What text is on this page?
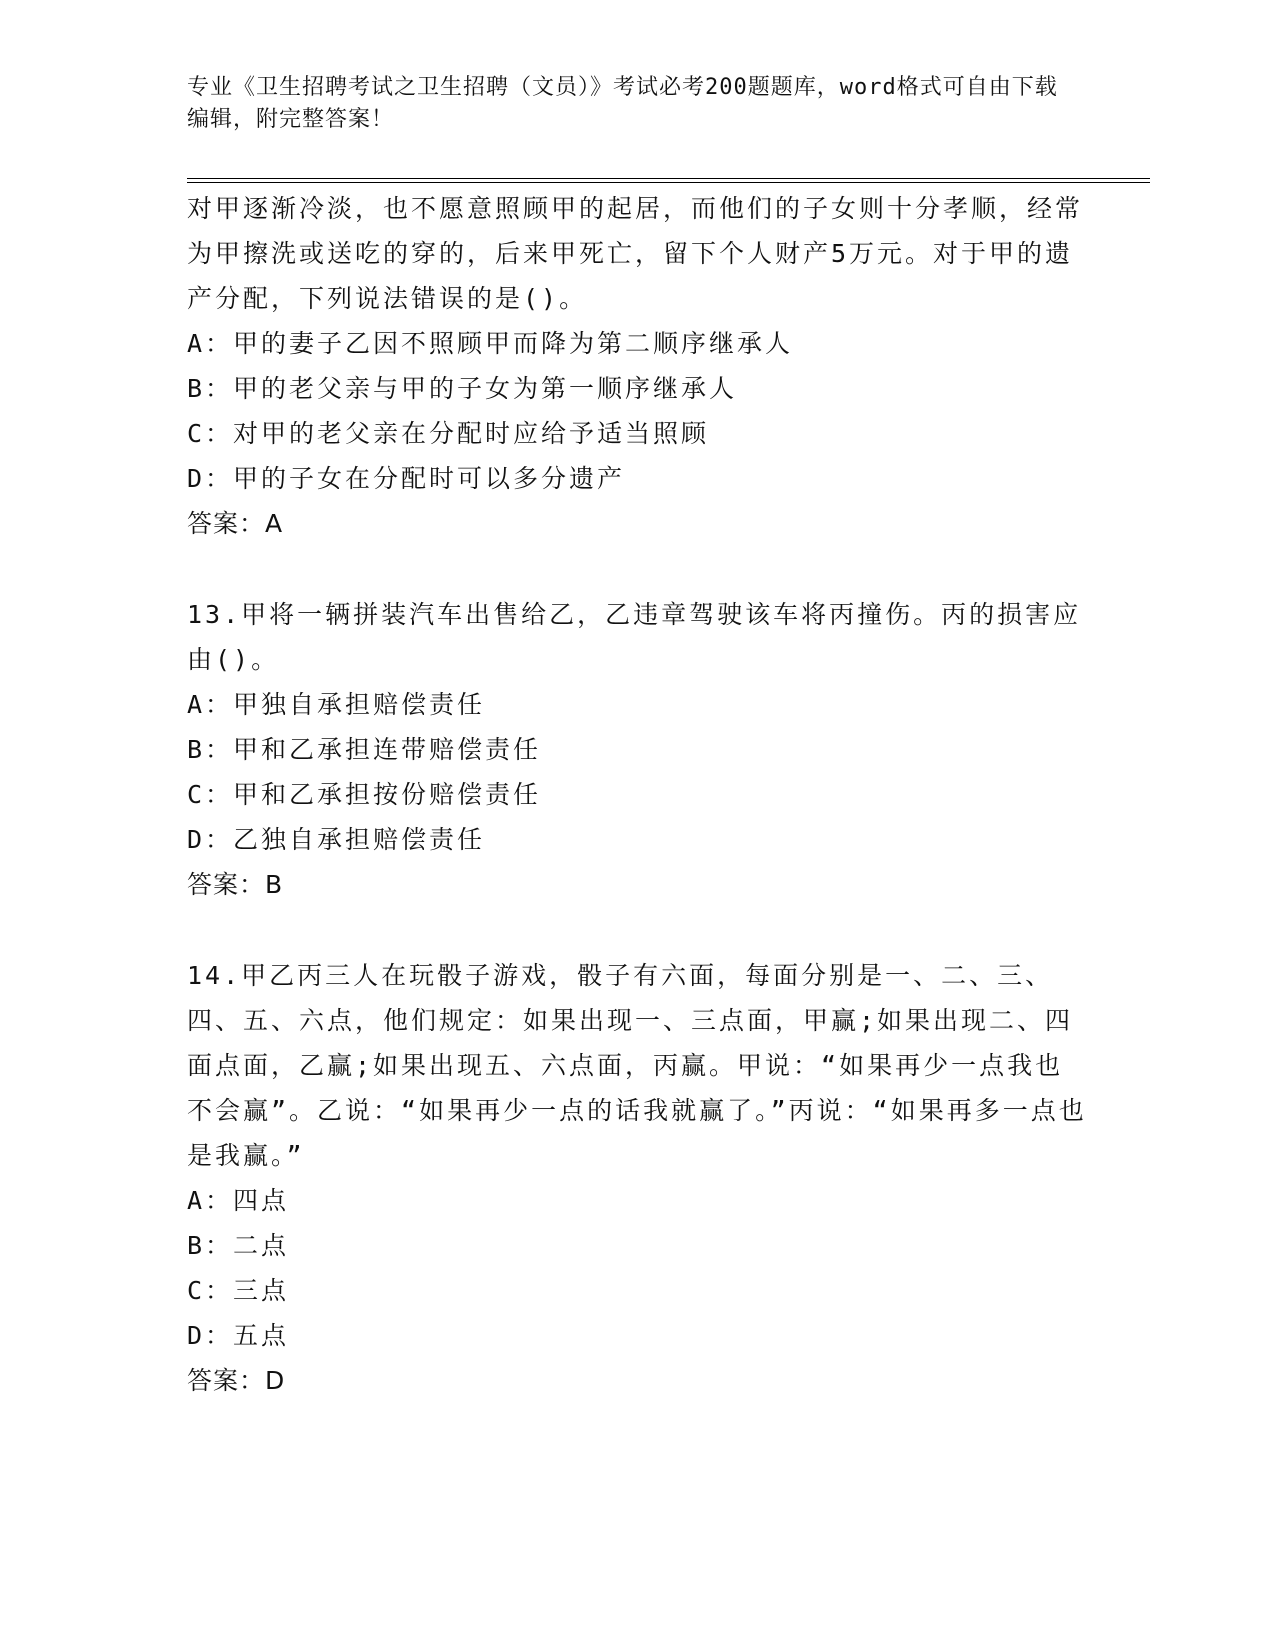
专业《卫生招聘考试之卫生招聘（文员）》考试必考200题题库，word格式可自由下载编辑，附完整答案！

对甲逐渐冷淡，也不愿意照顾甲的起居，而他们的子女则十分孝顺，经常为甲擦洗或送吃的穿的，后来甲死亡，留下个人财产5万元。对于甲的遗产分配，下列说法错误的是()。

A：甲的妻子乙因不照顾甲而降为第二顺序继承人

B：甲的老父亲与甲的子女为第一顺序继承人

C：对甲的老父亲在分配时应给予适当照顾

D：甲的子女在分配时可以多分遗产

答案：A

13.甲将一辆拼装汽车出售给乙，乙违章驾驶该车将丙撞伤。丙的损害应由()。

A：甲独自承担赔偿责任

B：甲和乙承担连带赔偿责任

C：甲和乙承担按份赔偿责任

D：乙独自承担赔偿责任

答案：B

14.甲乙丙三人在玩骰子游戏，骰子有六面，每面分别是一、二、三、四、五、六点，他们规定：如果出现一、三点面，甲赢;如果出现二、四面点面，乙赢;如果出现五、六点面，丙赢。甲说：“如果再少一点我也不会赢”。乙说：“如果再少一点的话我就赢了。”丙说：“如果再多一点也是我赢。”

A：四点

B：二点

C：三点

D：五点

答案：D
